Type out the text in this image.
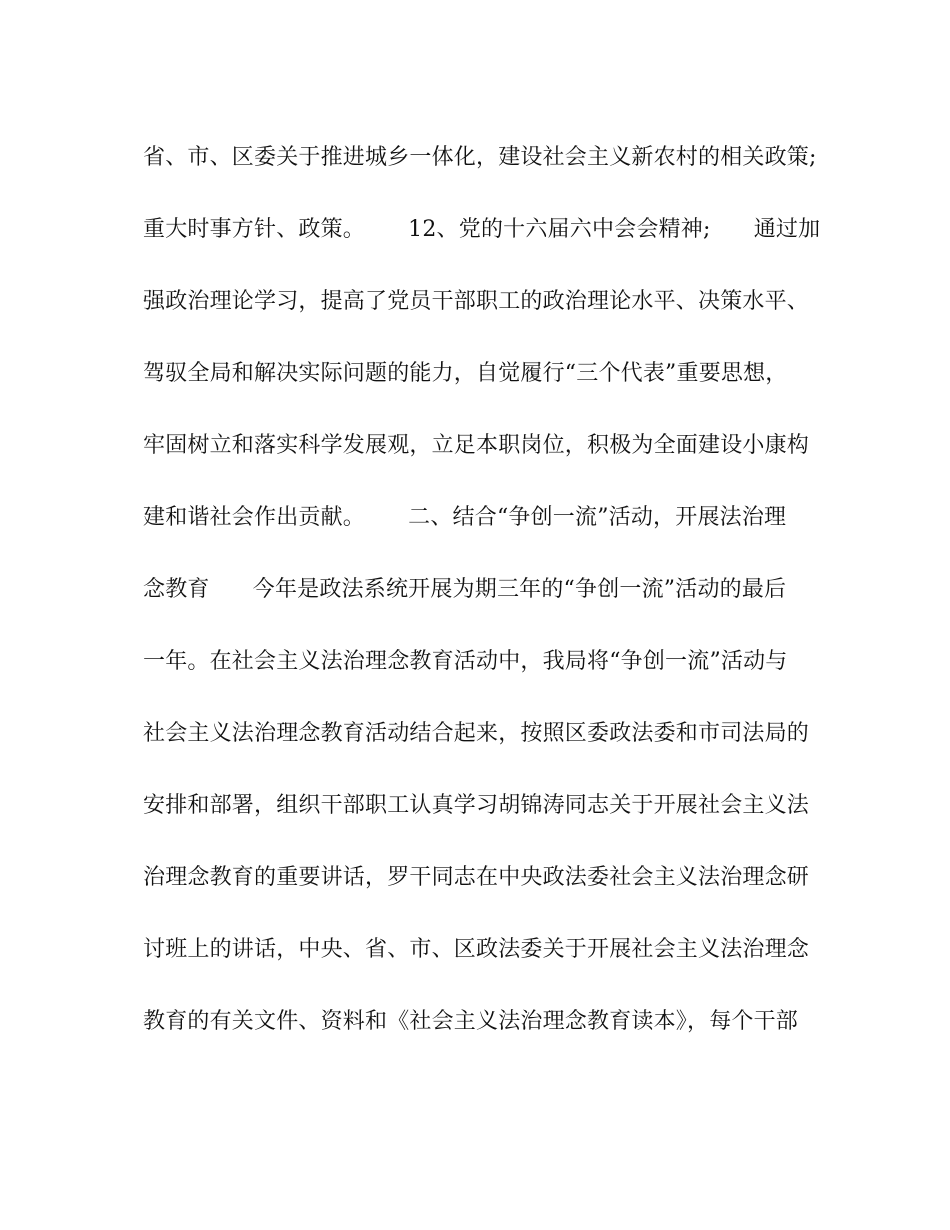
省、市、区委关于推进城乡一体化，建设社会主义新农村的相关政策;
重大时事方针、政策。      12、党的十六届六中会会精神;      通过加
强政治理论学习，提高了党员干部职工的政治理论水平、决策水平、
驾驭全局和解决实际问题的能力，自觉履行“三个代表”重要思想，
牢固树立和落实科学发展观，立足本职岗位，积极为全面建设小康构
建和谐社会作出贡献。      二、结合“争创一流”活动，开展法治理
念教育      今年是政法系统开展为期三年的“争创一流”活动的最后
一年。在社会主义法治理念教育活动中，我局将“争创一流”活动与
社会主义法治理念教育活动结合起来，按照区委政法委和市司法局的
安排和部署，组织干部职工认真学习胡锦涛同志关于开展社会主义法
治理念教育的重要讲话，罗干同志在中央政法委社会主义法治理念研
讨班上的讲话，中央、省、市、区政法委关于开展社会主义法治理念
教育的有关文件、资料和《社会主义法治理念教育读本》，每个干部
